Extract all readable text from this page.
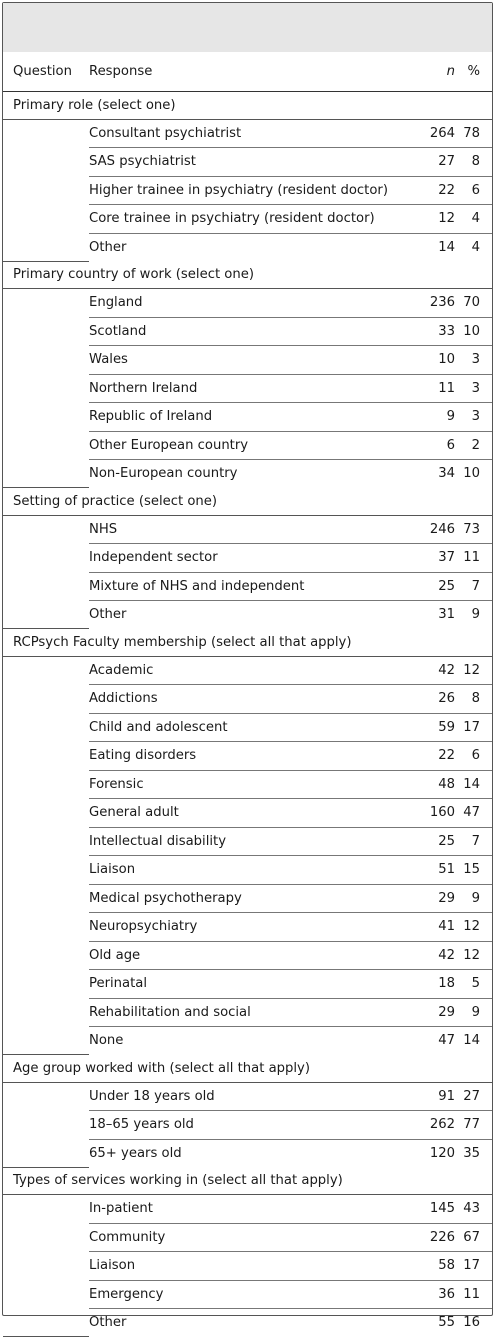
Question	Response	n	%
Primary role (select one)			
	Consultant psychiatrist	264	78
	SAS psychiatrist	27	8
	Higher trainee in psychiatry (resident doctor)	22	6
	Core trainee in psychiatry (resident doctor)	12	4
	Other	14	4
Primary country of work (select one)			
	England	236	70
	Scotland	33	10
	Wales	10	3
	Northern Ireland	11	3
	Republic of Ireland	9	3
	Other European country	6	2
	Non-European country	34	10
Setting of practice (select one)			
	NHS	246	73
	Independent sector	37	11
	Mixture of NHS and independent	25	7
	Other	31	9
RCPsych Faculty membership (select all that apply)			
	Academic	42	12
	Addictions	26	8
	Child and adolescent	59	17
	Eating disorders	22	6
	Forensic	48	14
	General adult	160	47
	Intellectual disability	25	7
	Liaison	51	15
	Medical psychotherapy	29	9
	Neuropsychiatry	41	12
	Old age	42	12
	Perinatal	18	5
	Rehabilitation and social	29	9
	None	47	14
Age group worked with (select all that apply)			
	Under 18 years old	91	27
	18–65 years old	262	77
	65+ years old	120	35
Types of services working in (select all that apply)			
	In-patient	145	43
	Community	226	67
	Liaison	58	17
	Emergency	36	11
	Other	55	16
